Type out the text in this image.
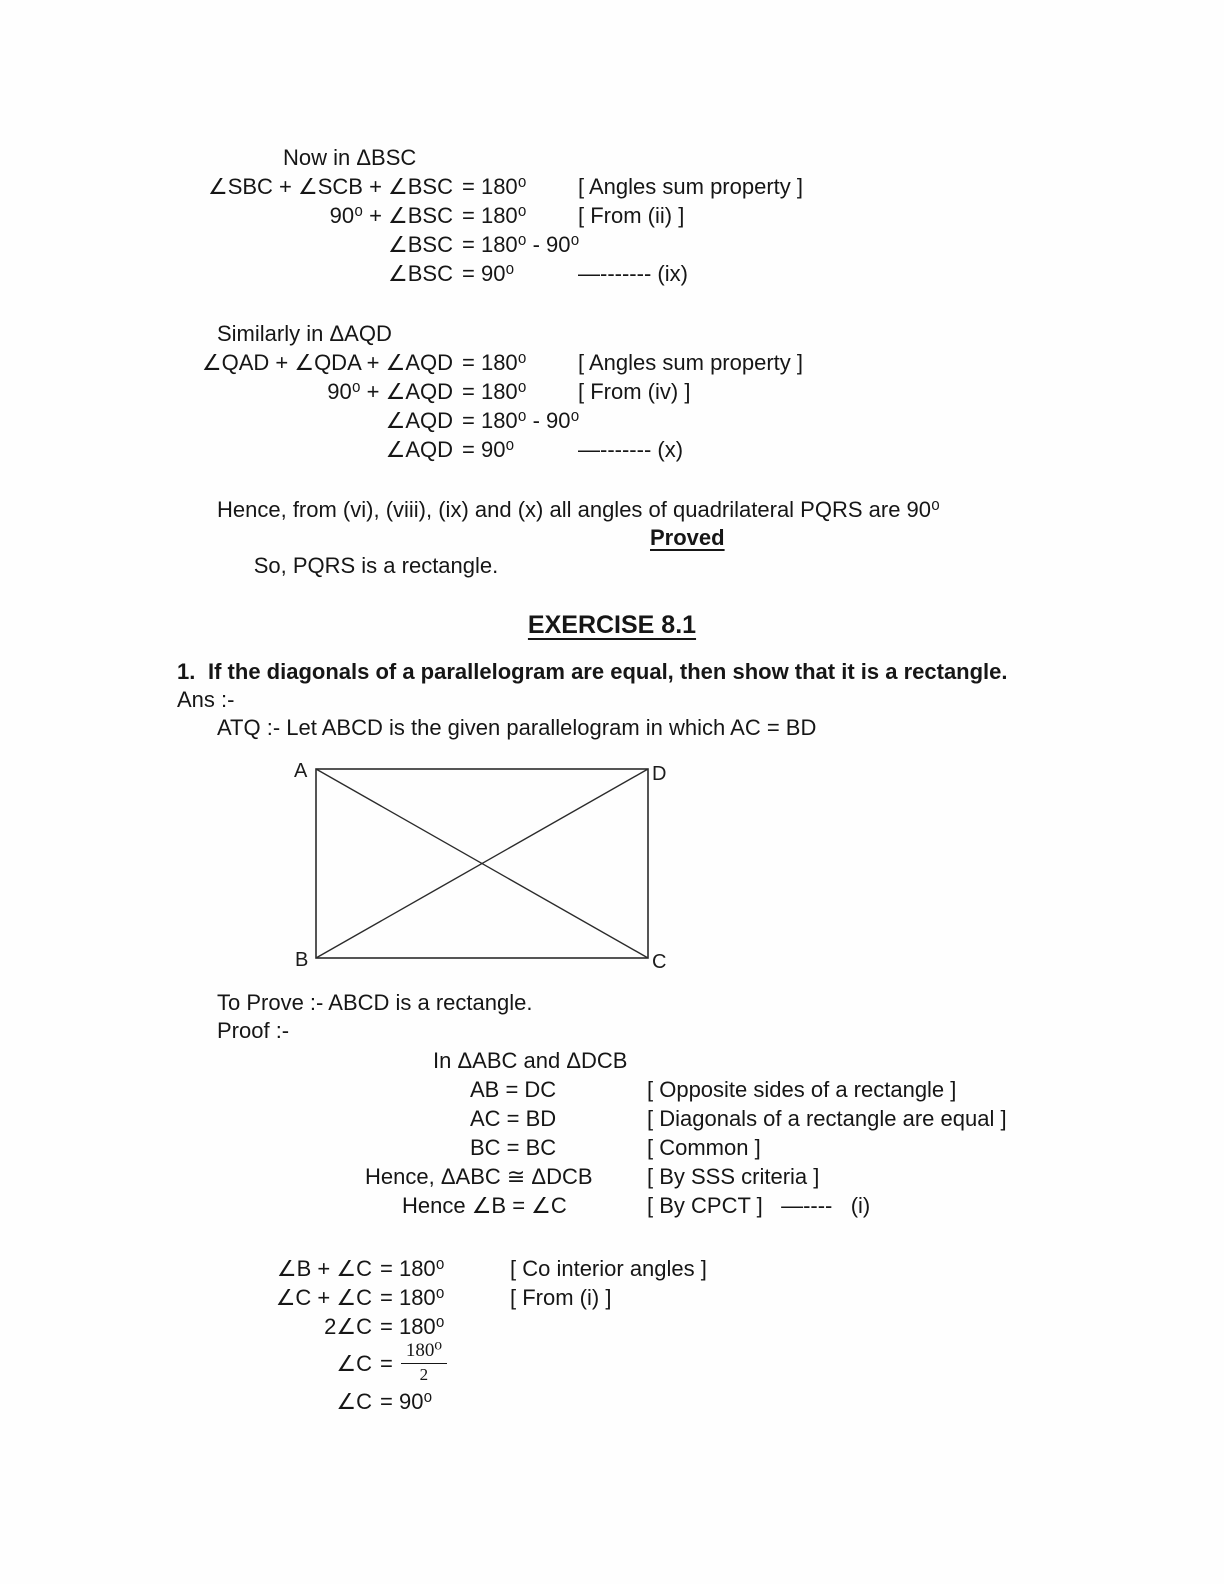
Now in ΔBSC
∠SBC + ∠SCB + ∠BSC = 180⁰ [ Angles sum property ]
90⁰ + ∠BSC = 180⁰ [ From (ii) ]
∠BSC = 180⁰ - 90⁰
∠BSC = 90⁰	—------- (ix)
Similarly in ΔAQD
∠QAD + ∠QDA + ∠AQD = 180⁰ [ Angles sum property ]
90⁰ + ∠AQD = 180⁰ [ From (iv) ]
∠AQD = 180⁰ - 90⁰
∠AQD = 90⁰	—------- (x)
Hence, from (vi), (viii), (ix) and (x) all angles of quadrilateral PQRS are 90⁰

So, PQRS is a rectangle.

Proved

EXERCISE 8.1
1. If the diagonals of a parallelogram are equal, then show that it is a rectangle.
Ans :-
ATQ :- Let ABCD is the given parallelogram in which AC = BD
A	D
B	C
To Prove :- ABCD is a rectangle.
Proof :-
In ΔABC and ΔDCB
AB = DC	[ Opposite sides of a rectangle ]
AC = BD	[ Diagonals of a rectangle are equal ]
BC = BC	[ Common ]
Hence, ΔABC ≅ ΔDCB [ By SSS criteria ]
Hence ∠B = ∠C	[ By CPCT ]   —----   (i)
∠B + ∠C = 180⁰	[ Co interior angles ]
∠C + ∠C = 180⁰	[ From (i) ]
2∠C = 180⁰
∠C = $\frac{\text{180⁰}}{2}$
∠C = 90⁰
